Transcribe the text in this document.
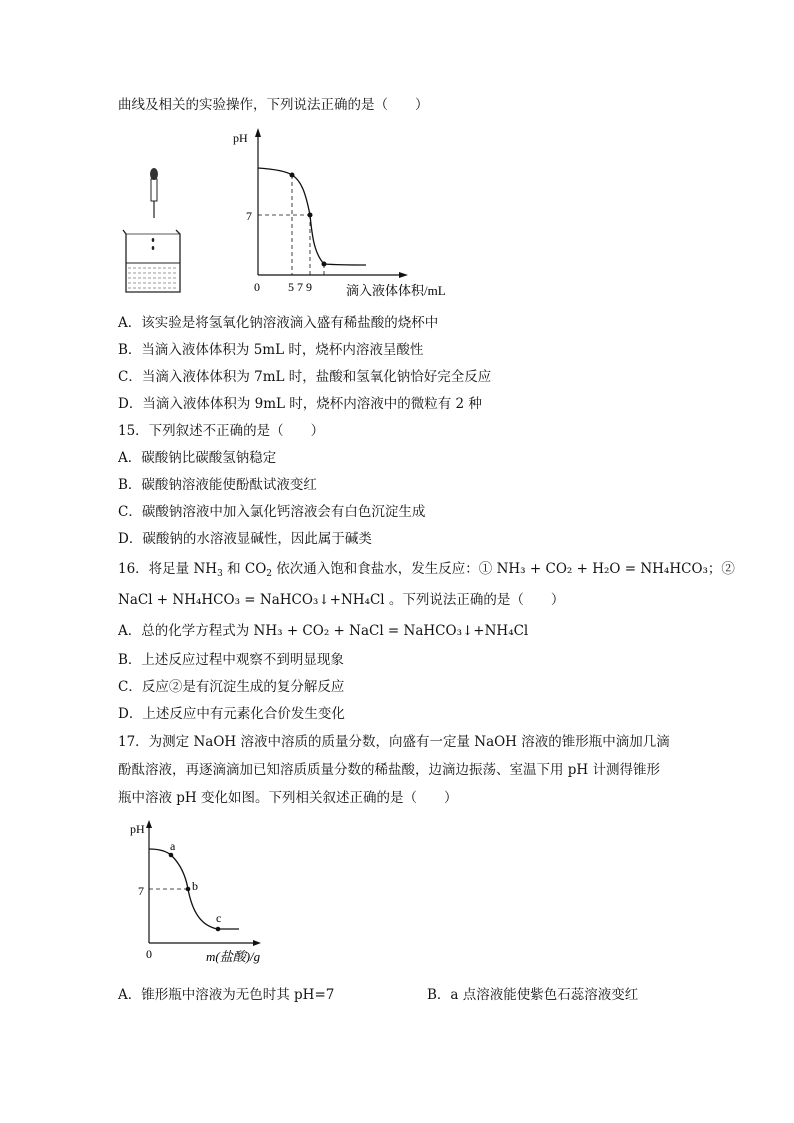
曲线及相关的实验操作，下列说法正确的是（　　）
pH
0
7
5 7 9	滴入液体体积/mL
A．该实验是将氢氧化钠溶液滴入盛有稀盐酸的烧杯中
B．当滴入液体体积为 5mL 时，烧杯内溶液呈酸性
C．当滴入液体体积为 7mL 时，盐酸和氢氧化钠恰好完全反应
D．当滴入液体体积为 9mL 时，烧杯内溶液中的微粒有 2 种
15．下列叙述不正确的是（　　）
A．碳酸钠比碳酸氢钠稳定
B．碳酸钠溶液能使酚酞试液变红
C．碳酸钠溶液中加入氯化钙溶液会有白色沉淀生成
D．碳酸钠的水溶液显碱性，因此属于碱类
16．将足量 $NH_3$ 和 $CO_2$ 依次通入饱和食盐水，发生反应：① NH₃ + CO₂ + H₂O = NH₄HCO₃；②
NaCl + NH₄HCO₃ = NaHCO₃↓+NH₄Cl 。下列说法正确的是（　　）
A．总的化学方程式为 NH₃ + CO₂ + NaCl = NaHCO₃↓+NH₄Cl
B．上述反应过程中观察不到明显现象
C．反应②是有沉淀生成的复分解反应
D．上述反应中有元素化合价发生变化
17．为测定 NaOH 溶液中溶质的质量分数，向盛有一定量 NaOH 溶液的锥形瓶中滴加几滴
酚酞溶液，再逐滴滴加已知溶质质量分数的稀盐酸，边滴边振荡、室温下用 pH 计测得锥形
瓶中溶液 pH 变化如图。下列相关叙述正确的是（　　）
pH
0
7
a
b
c
m(盐酸)/g
A．锥形瓶中溶液为无色时其 pH=7	B．a 点溶液能使紫色石蕊溶液变红
